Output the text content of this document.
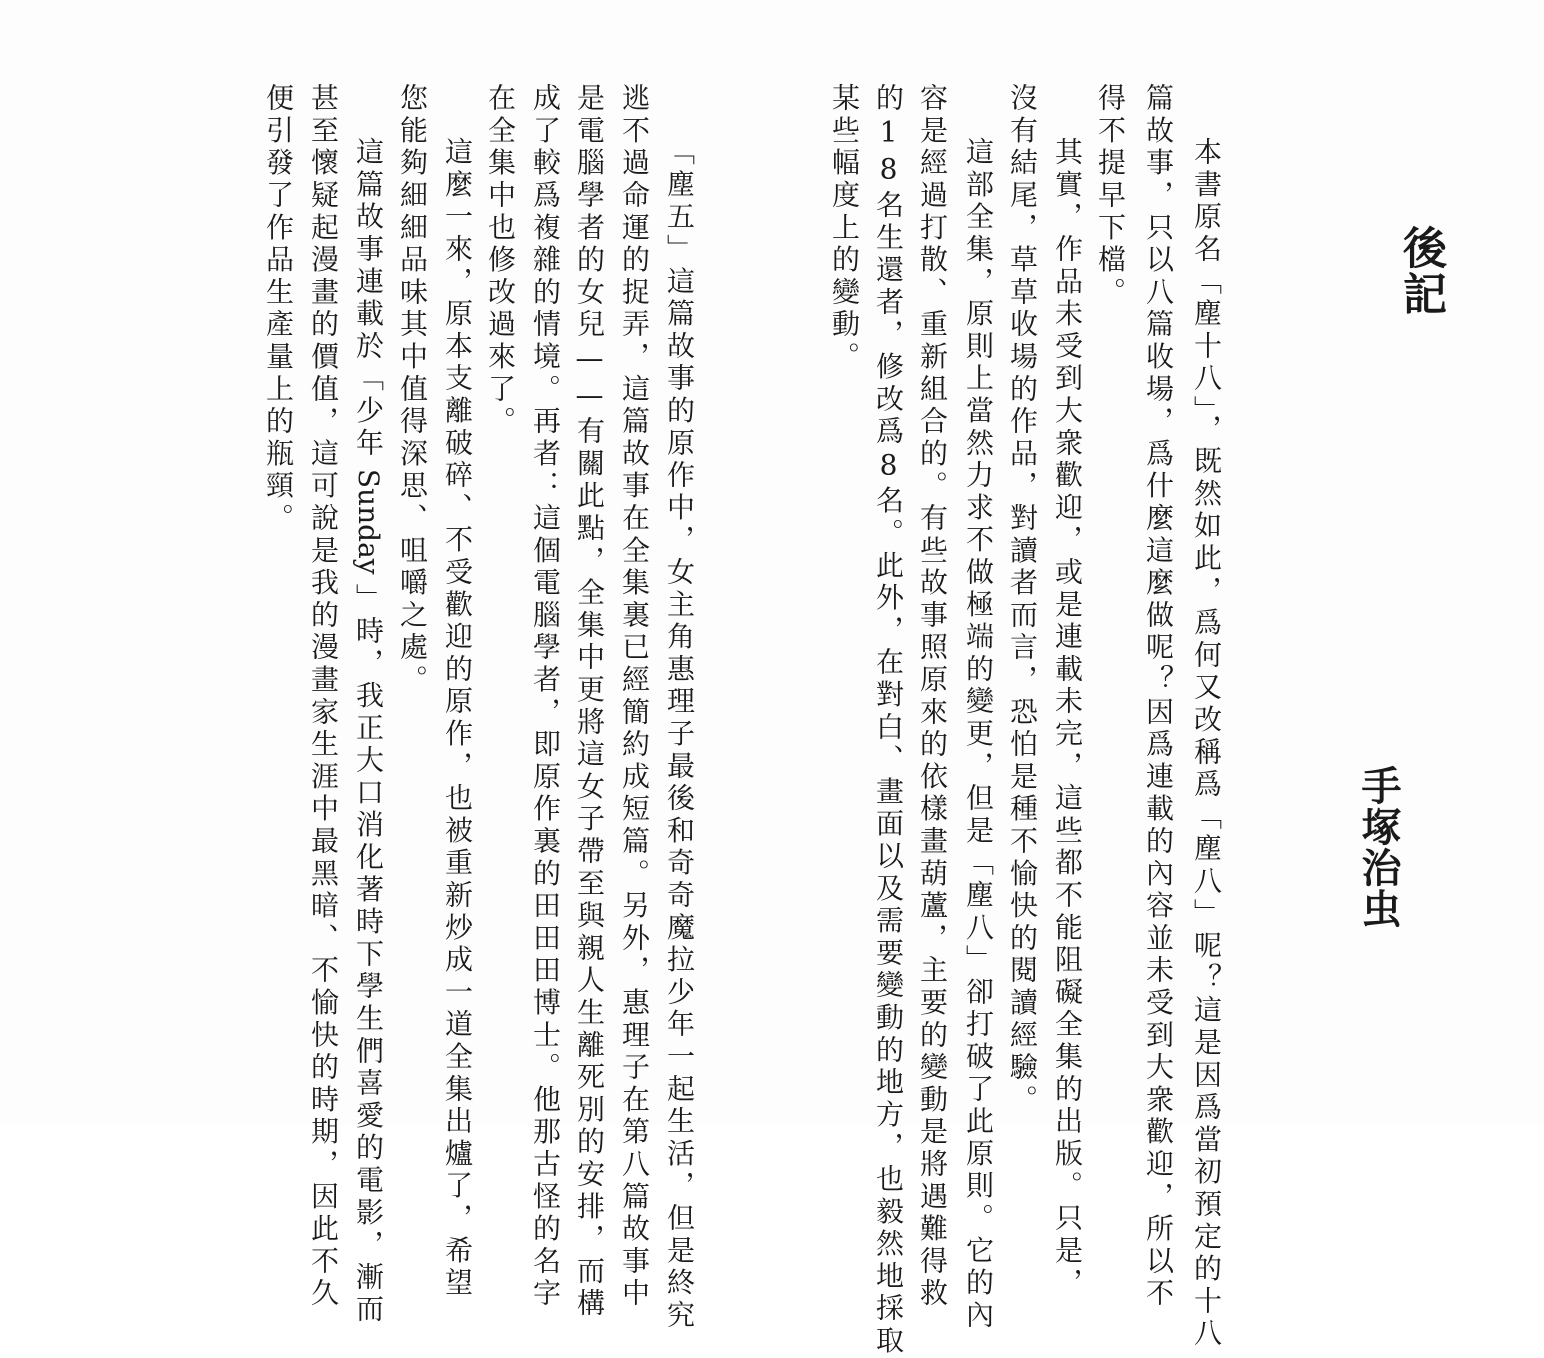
後記
手塚治虫
本書原名「塵十八」，既然如此，爲何又改稱爲「塵八」呢？這是因爲當初預定的十八
篇故事，只以八篇收場，爲什麼這麼做呢？因爲連載的內容並未受到大衆歡迎，所以不
得不提早下檔。
其實，作品未受到大衆歡迎，或是連載未完，這些都不能阻礙全集的出版。只是，
沒有結尾，草草收場的作品，對讀者而言，恐怕是種不愉快的閱讀經驗。
這部全集，原則上當然力求不做極端的變更，但是「塵八」卻打破了此原則。它的內
容是經過打散、重新組合的。有些故事照原來的依樣畫葫蘆，主要的變動是將遇難得救
的18名生還者，修改爲8名。此外，在對白、畫面以及需要變動的地方，也毅然地採取
某些幅度上的變動。
「塵五」這篇故事的原作中，女主角惠理子最後和奇奇魔拉少年一起生活，但是終究
逃不過命運的捉弄，這篇故事在全集裏已經簡約成短篇。另外，惠理子在第八篇故事中
是電腦學者的女兒——有關此點，全集中更將這女子帶至與親人生離死別的安排，而構
成了較爲複雜的情境。再者：這個電腦學者，即原作裏的田田田博士。他那古怪的名字
在全集中也修改過來了。
這麼一來，原本支離破碎、不受歡迎的原作，也被重新炒成一道全集出爐了，希望
您能夠細細品味其中值得深思、咀嚼之處。
這篇故事連載於「少年 Sunday 」時，我正大口消化著時下學生們喜愛的電影，漸而
甚至懷疑起漫畫的價值，這可說是我的漫畫家生涯中最黑暗、不愉快的時期，因此不久
便引發了作品生產量上的瓶頸。
